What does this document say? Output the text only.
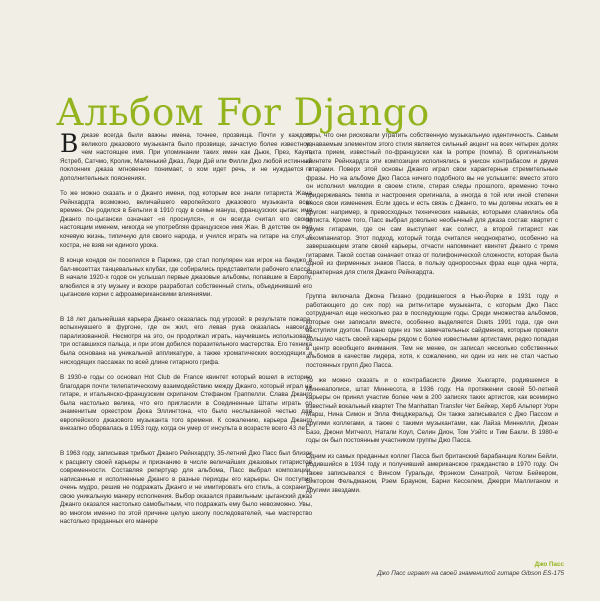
Альбом For Django

Вджазе всегда были важны имена, точнее, прозвища. Почти у каждого великого джазового музыканта было прозвище, зачастую более известное, чем настоящее имя. При упоминании таких имен как Дьюк, През, Каунт, Ястреб, Сатчмо, Кролик, Маленький Джаз, Леди Дэй или Филли Джо любой истинный поклонник джаза мгновенно понимает, о ком идет речь, и не нуждается в дополнительных пояснениях.

То же можно сказать и о Джанго имени, под которым все знали гитариста Жана Рейнхардта возможно, величайшего европейского джазового музыканта всех времен. Он родился в Бельгии в 1910 году в семье мануш, французских цыган; имя Джанго по-цыгански означает «я проснулся», и он всегда считал его своим настоящим именем, никогда не употребляя французское имя Жан. В детстве он вел кочевую жизнь, типичную для своего народа, и учился играть на гитаре на слух, с костра, не взяв ни единого урока.

В конце кондов он поселился в Париже, где стал популярен как игрок на банджо в бал-мюзеттах танцевальных клубах, где собирались представители рабочего класса. В начале 1920-х годов он услышал первые джазовые альбомы, попавшие в Европу, влюбился в эту музыку и вскоре разработал собственный стиль, объединивший его цыганские корни с афроамериканскими влияниями.

В 18 лет дальнейшая карьера Джанго оказалась под угрозой: в результате пожара, вспыхнувшего в фургоне, где он жил, его левая рука оказалась навсегда парализованной. Несмотря на это, он продолжал играть, научившись использовать три оставшихся пальца, и при этом добился поразительного мастерства. Его техника была основана на уникальной аппликатуре, а также хроматических восходящих и нисходящих пассажах по всей длине гитарного грифа.

В 1930-е годы со основал Hot Club de France квинтет который вошел в историю благодаря почти телепатическому взаимодействию между Джанго, который играл на гитаре, и итальянско-французским скрипачом Стефаном Граппелли. Слава Джанго была настолько велика, что его пригласили в Соединенные Штаты играть со знаменитым оркестром Дюка Эллингтона, что было неслыханной честью для европейского джазового музыканта того времени. К сожалению, карьера Джанго внезапно оборвалась в 1953 году, когда он умер от инсульта в возрасте всего 43 лет.

В 1963 году, записывая трибьют Джанго Рейнхардту, 35-летний Джо Пасс был близок к расцвету своей карьеры и признанию в числе величайших джазовых гитаристов современности. Составляя репертуар для альбома, Пасс выбрал композиции, написанные и исполненные Джанго в разные периоды его карьеры. Он поступил очень мудро, решив не подражать Джанго и не имитировать его стиль, а сохранить свою уникальную манеру исполнения. Выбор оказался правильным: цыганский джаз Джанго оказался настолько самобытным, что подражать ему было невозможно. Увы, во многом именно по этой причине целую школу последователей, чье мастерство настолько преданных его манере

игры, что они рисковали утратить собственную музыкальную идентичность. Самым узнаваемым элементом этого стиля является сильный акцент на всех четырех долях такта прием, известный по-французски как la pompe (помпа). В оригинальном квинтете Рейнхардта эти композиции исполнялись в унисон контрабасом и двумя гитарами. Поверх этой основы Джанго играл свои характерные стремительные фразы. Но на альбоме Джо Пасса ничего подобного вы не услышите: вместо этого он исполнил мелодии в своем стиле, стирая следы прошлого, временно точно придерживаясь темпа и настроения оригинала, а иногда в той или иной степени внося свои изменения. Если здесь и есть связь с Джанго, то мы должны искать ее в другом: например, в превосходных технических навыках, которыми славились оба артиста. Кроме того, Пасс выбрал довольно необычный для джаза состав: квартет с двумя гитарами, где он сам выступает как солист, а второй гитарист как аккомпаниатор. Этот подход, который тогда считался неоднократно, особенно на завершающем этапе своей карьеры, отчасти напоминает квинтет Джанго с тремя гитарами. Такой состав означает отказ от полифонической сложности, которая была одной из фирменных знаков Пасса, в пользу однороссных фраз еще одна черта, характерная для стиля Джанго Рейнхардта.

Группа включала Джона Пизано (родившегося в Нью-Йорке в 1931 году и работающего до сих пор) на ритм-гитаре музыканта, с которым Джо Пасс сотрудничал еще несколько раз в последующие годы. Среди множества альбомов, которые они записали вместе, особенно выделяется Duets 1991 года, где они выступили дуэтом. Пизано один из тех замечательных сайдменов, которые провели большую часть своей карьеры рядом с более известными артистами, редко попадая в центр всеобщего внимания. Тем не менее, он записал несколько собственных альбомов в качестве лидера, хотя, к сожалению, ни один из них не стал частью постоянных групп Джо Пасса.

То же можно сказать и о контрабасисте Джиме Хьюгарте, родившемся в Миннеаполисе, штат Миннесота, в 1936 году. На протяжении своей 50-летней карьеры он принял участие более чем в 200 записях таких артистов, как всемирно известный вокальный квартет The Manhattan Transfer Чет Бейкер, Херб Альперт Уорн Марш, Нина Симон и Элла Фицджеральд. Он также записывался с Джо Пассом и другими коллегами, а также с такими музыкантами, как Лайза Миннелли, Джоан Баэз, Джони Митчелл, Натали Коул, Селин Дион, Том Уэйтс и Тим Бакли. В 1980-е годы он был постоянным участником группы Джо Пасса.

Одним из самых преданных коллег Пасса был британский барабанщик Колин Бейли, родившийся в 1934 году и получивший американское гражданство в 1970 году. Он также записывался с Винсом Гуральди, Фрэнком Синатрой, Четом Бейкером, Виктором Фельдманом, Рэем Брауном, Барни Кесселем, Джерри Маллиганом и другими звездами.

Джо Пасс
Джо Пасс играет на своей знаменитой гитаре Gibson ES-175
